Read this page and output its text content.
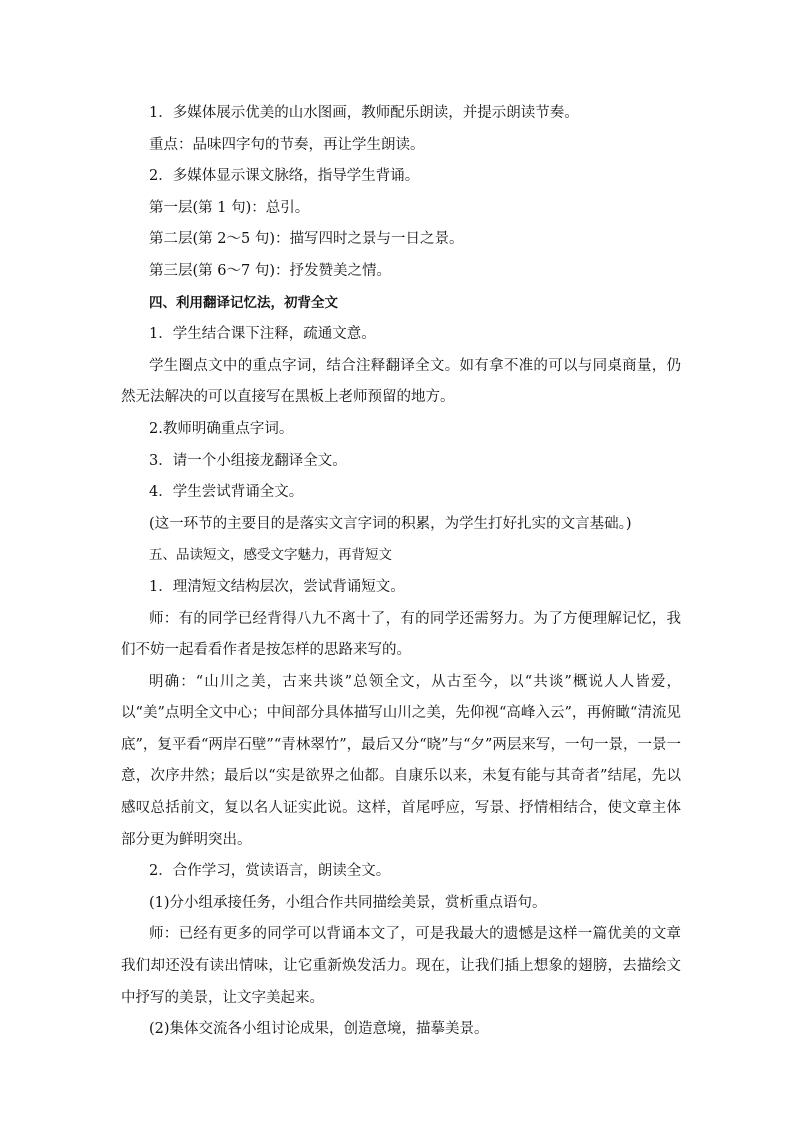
1．多媒体展示优美的山水图画，教师配乐朗读，并提示朗读节奏。

重点：品味四字句的节奏，再让学生朗读。

2．多媒体显示课文脉络，指导学生背诵。

第一层(第 1 句)：总引。

第二层(第 2～5 句)：描写四时之景与一日之景。

第三层(第 6～7 句)：抒发赞美之情。

四、利用翻译记忆法，初背全文

1．学生结合课下注释，疏通文意。

学生圈点文中的重点字词，结合注释翻译全文。如有拿不准的可以与同桌商量，仍然无法解决的可以直接写在黑板上老师预留的地方。

2.教师明确重点字词。

3．请一个小组接龙翻译全文。

4．学生尝试背诵全文。

(这一环节的主要目的是落实文言字词的积累，为学生打好扎实的文言基础。)

五、品读短文，感受文字魅力，再背短文

1．理清短文结构层次，尝试背诵短文。

师：有的同学已经背得八九不离十了，有的同学还需努力。为了方便理解记忆，我们不妨一起看看作者是按怎样的思路来写的。

明确：“山川之美，古来共谈”总领全文，从古至今，以“共谈”概说人人皆爱，以“美”点明全文中心；中间部分具体描写山川之美，先仰视“高峰入云”，再俯瞰“清流见底”，复平看“两岸石壁”“青林翠竹”，最后又分“晓”与“夕”两层来写，一句一景，一景一意，次序井然；最后以“实是欲界之仙都。自康乐以来，未复有能与其奇者”结尾，先以感叹总括前文，复以名人证实此说。这样，首尾呼应，写景、抒情相结合，使文章主体部分更为鲜明突出。

2．合作学习，赏读语言，朗读全文。

(1)分小组承接任务，小组合作共同描绘美景，赏析重点语句。

师：已经有更多的同学可以背诵本文了，可是我最大的遗憾是这样一篇优美的文章我们却还没有读出情味，让它重新焕发活力。现在，让我们插上想象的翅膀，去描绘文中抒写的美景，让文字美起来。

(2)集体交流各小组讨论成果，创造意境，描摹美景。
